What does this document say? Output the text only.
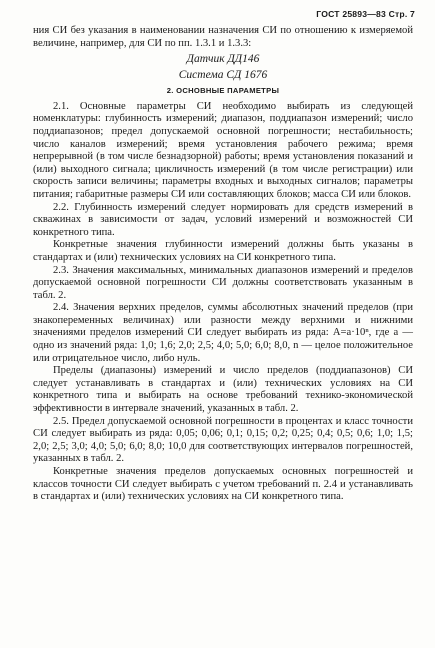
ГОСТ 25893—83 Стр. 7

ния СИ без указания в наименовании назначения СИ по отношению к измеряемой величине, например, для СИ по пп. 1.3.1 и 1.3.3:

Датчик ДД146
Система СД 1676
2. ОСНОВНЫЕ ПАРАМЕТРЫ

2.1. Основные параметры СИ необходимо выбирать из следующей номенклатуры: глубинность измерений; диапазон, поддиапазон измерений; число поддиапазонов; предел допускаемой основной погрешности; нестабильность; число каналов измерений; время установления рабочего режима; время непрерывной (в том числе безнадзорной) работы; время установления показаний и (или) выходного сигнала; цикличность измерений (в том числе регистрации) или скорость записи величины; параметры входных и выходных сигналов; параметры питания; габаритные размеры СИ или составляющих блоков; масса СИ или блоков.

2.2. Глубинность измерений следует нормировать для средств измерений в скважинах в зависимости от задач, условий измерений и возможностей СИ конкретного типа.

Конкретные значения глубинности измерений должны быть указаны в стандартах и (или) технических условиях на СИ конкретного типа.

2.3. Значения максимальных, минимальных диапазонов измерений и пределов допускаемой основной погрешности СИ должны соответствовать указанным в табл. 2.

2.4. Значения верхних пределов, суммы абсолютных значений пределов (при знакопеременных величинах) или разности между верхними и нижними значениями пределов измерений СИ следует выбирать из ряда: A=a·10ⁿ, где a — одно из значений ряда: 1,0; 1,6; 2,0; 2,5; 4,0; 5,0; 6,0; 8,0, n — целое положительное или отрицательное число, либо нуль.

Пределы (диапазоны) измерений и число пределов (поддиапазонов) СИ следует устанавливать в стандартах и (или) технических условиях на СИ конкретного типа и выбирать на основе требований технико-экономической эффективности в интервале значений, указанных в табл. 2.

2.5. Предел допускаемой основной погрешности в процентах и класс точности СИ следует выбирать из ряда: 0,05; 0,06; 0,1; 0,15; 0,2; 0,25; 0,4; 0,5; 0,6; 1,0; 1,5; 2,0; 2,5; 3,0; 4,0; 5,0; 6,0; 8,0; 10,0 для соответствующих интервалов погрешностей, указанных в табл. 2.

Конкретные значения пределов допускаемых основных погрешностей и классов точности СИ следует выбирать с учетом требований п. 2.4 и устанавливать в стандартах и (или) технических условиях на СИ конкретного типа.
